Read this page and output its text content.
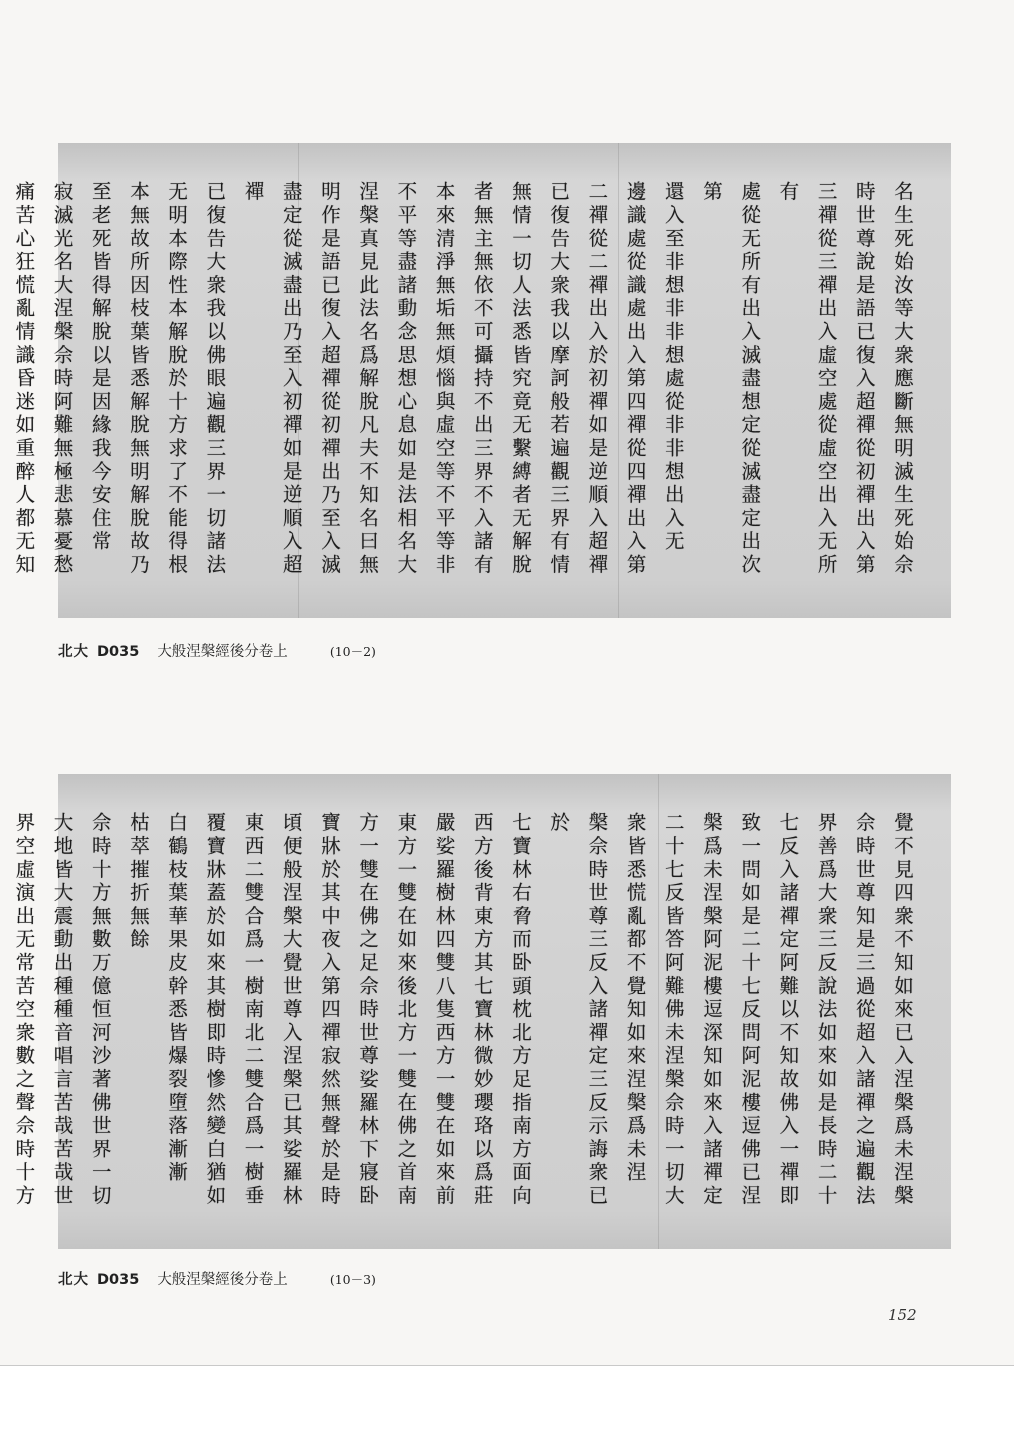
名生死始汝等大衆應斷無明滅生死始佘
時世尊說是語已復入超禪從初禪出入第
三禪從三禪出入虛空處從虛空出入无所有
處從无所有出入滅盡想定從滅盡定出次第
還入至非想非非想處從非非想出入无
邊識處從識處出入第四禪從四禪出入第
二禪從二禪出入於初禪如是逆順入超禪
已復告大衆我以摩訶般若遍觀三界有情
無情一切人法悉皆究竟无繫縛者无解脫
者無主無依不可攝持不出三界不入諸有
本來清淨無垢無煩惱與虛空等不平等非
不平等盡諸動念思想心息如是法相名大
涅槃真見此法名爲解脫凡夫不知名曰無
明作是語已復入超禪從初禪出乃至入滅
盡定從滅盡出乃至入初禪如是逆順入超禪
已復告大衆我以佛眼遍觀三界一切諸法
无明本際性本解脫於十方求了不能得根
本無故所因枝葉皆悉解脫無明解脫故乃
至老死皆得解脫以是因緣我今安住常
寂滅光名大涅槃佘時阿難無極悲慕憂愁
痛苦心狂慌亂情識昏迷如重醉人都无知

北大 D035 大般涅槃經後分卷上	(10－2)
覺不見四衆不知如來已入涅槃爲未涅槃
佘時世尊知是三過從超入諸禪之遍觀法
界善爲大衆三反說法如來如是長時二十
七反入諸禪定阿難以不知故佛入一禪即
致一問如是二十七反問阿泥樓逗佛已涅
槃爲未涅槃阿泥樓逗深知如來入諸禪定
二十七反皆答阿難佛未涅槃佘時一切大
衆皆悉慌亂都不覺知如來涅槃爲未涅
槃佘時世尊三反入諸禪定三反示誨衆已於
七寶林右脅而卧頭枕北方足指南方面向
西方後背東方其七寶林微妙瓔珞以爲莊
嚴娑羅樹林四雙八隻西方一雙在如來前
東方一雙在如來後北方一雙在佛之首南
方一雙在佛之足佘時世尊娑羅林下寢卧
寶牀於其中夜入第四禪寂然無聲於是時
頃便般涅槃大覺世尊入涅槃已其娑羅林
東西二雙合爲一樹南北二雙合爲一樹垂
覆寶牀蓋於如來其樹即時慘然變白猶如
白鶴枝葉華果皮幹悉皆爆裂墮落漸漸
枯萃摧折無餘
佘時十方無數万億恒河沙著佛世界一切
大地皆大震動出種種音唱言苦哉苦哉世
界空虛演出无常苦空衆數之聲佘時十方

北大 D035 大般涅槃經後分卷上	(10－3)
152
